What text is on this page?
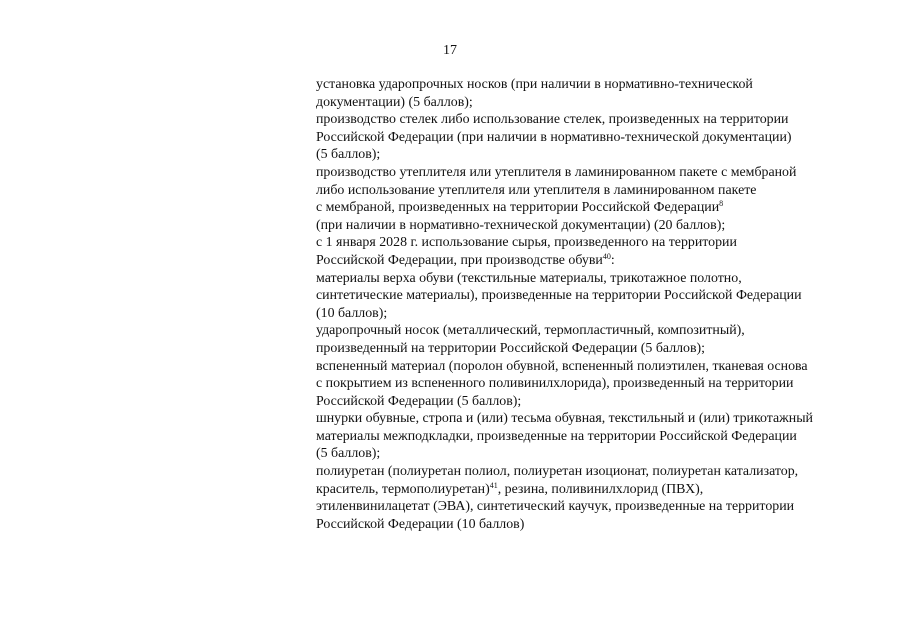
17
установка ударопрочных носков (при наличии в нормативно-технической
документации) (5 баллов);
производство стелек либо использование стелек, произведенных на территории
Российской Федерации (при наличии в нормативно-технической документации)
(5 баллов);
производство утеплителя или утеплителя в ламинированном пакете с мембраной
либо использование утеплителя или утеплителя в ламинированном пакете
с мембраной, произведенных на территории Российской Федерации$^8$
(при наличии в нормативно-технической документации) (20 баллов);
с 1 января 2028 г. использование сырья, произведенного на территории
Российской Федерации, при производстве обуви$^{40}$:
материалы верха обуви (текстильные материалы, трикотажное полотно,
синтетические материалы), произведенные на территории Российской Федерации
(10 баллов);
ударопрочный носок (металлический, термопластичный, композитный),
произведенный на территории Российской Федерации (5 баллов);
вспененный материал (поролон обувной, вспененный полиэтилен, тканевая основа
с покрытием из вспененного поливинилхлорида), произведенный на территории
Российской Федерации (5 баллов);
шнурки обувные, стропа и (или) тесьма обувная, текстильный и (или) трикотажный
материалы межподкладки, произведенные на территории Российской Федерации
(5 баллов);
полиуретан (полиуретан полиол, полиуретан изоционат, полиуретан катализатор,
краситель, термополиуретан)$^{41}$, резина, поливинилхлорид (ПВХ),
этиленвинилацетат (ЭВА), синтетический каучук, произведенные на территории
Российской Федерации (10 баллов)
